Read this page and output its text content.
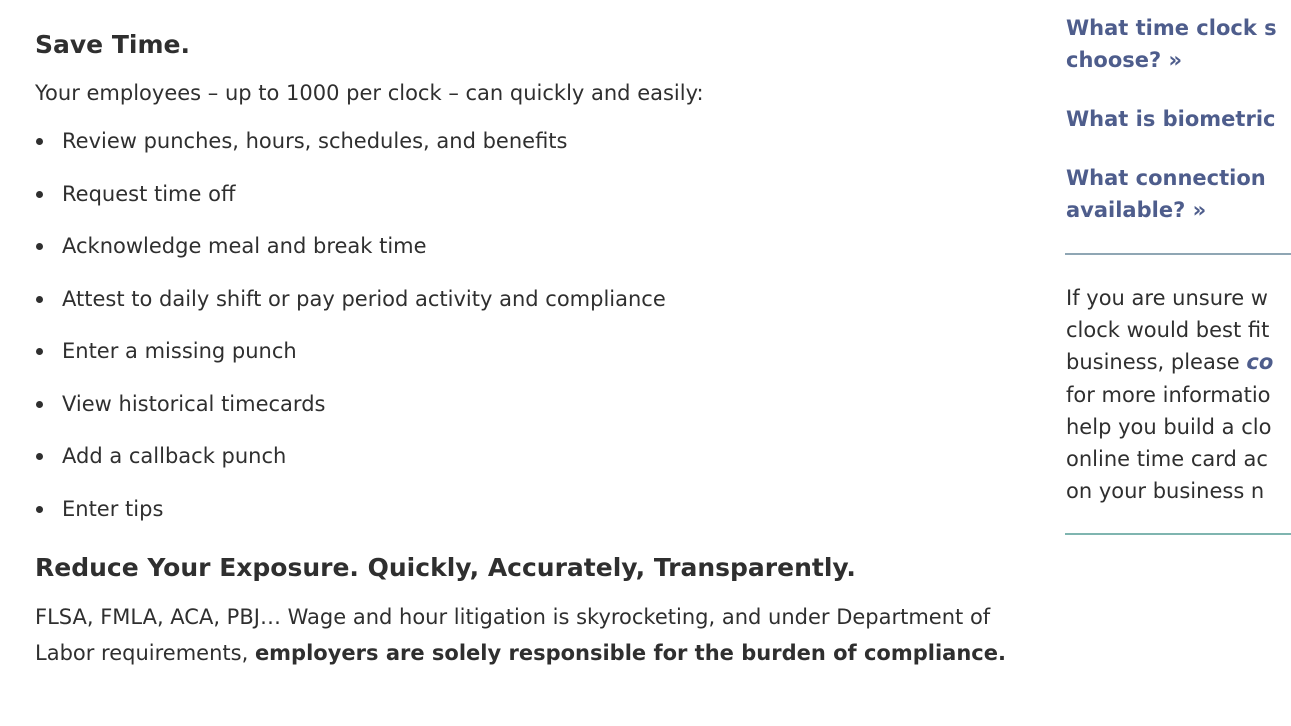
Save Time.

Your employees – up to 1000 per clock – can quickly and easily:

Review punches, hours, schedules, and benefits
Request time off
Acknowledge meal and break time
Attest to daily shift or pay period activity and compliance
Enter a missing punch
View historical timecards
Add a callback punch
Enter tips
Reduce Your Exposure. Quickly, Accurately, Transparently.

FLSA, FMLA, ACA, PBJ… Wage and hour litigation is skyrocketing, and under Department of Labor requirements, employers are solely responsible for the burden of compliance.

What time clock s
choose? »
What is biometric
What connection
available? »

If you are unsure w
clock would best fit
business, please co
for more informatio
help you build a clo
online time card ac
on your business n
